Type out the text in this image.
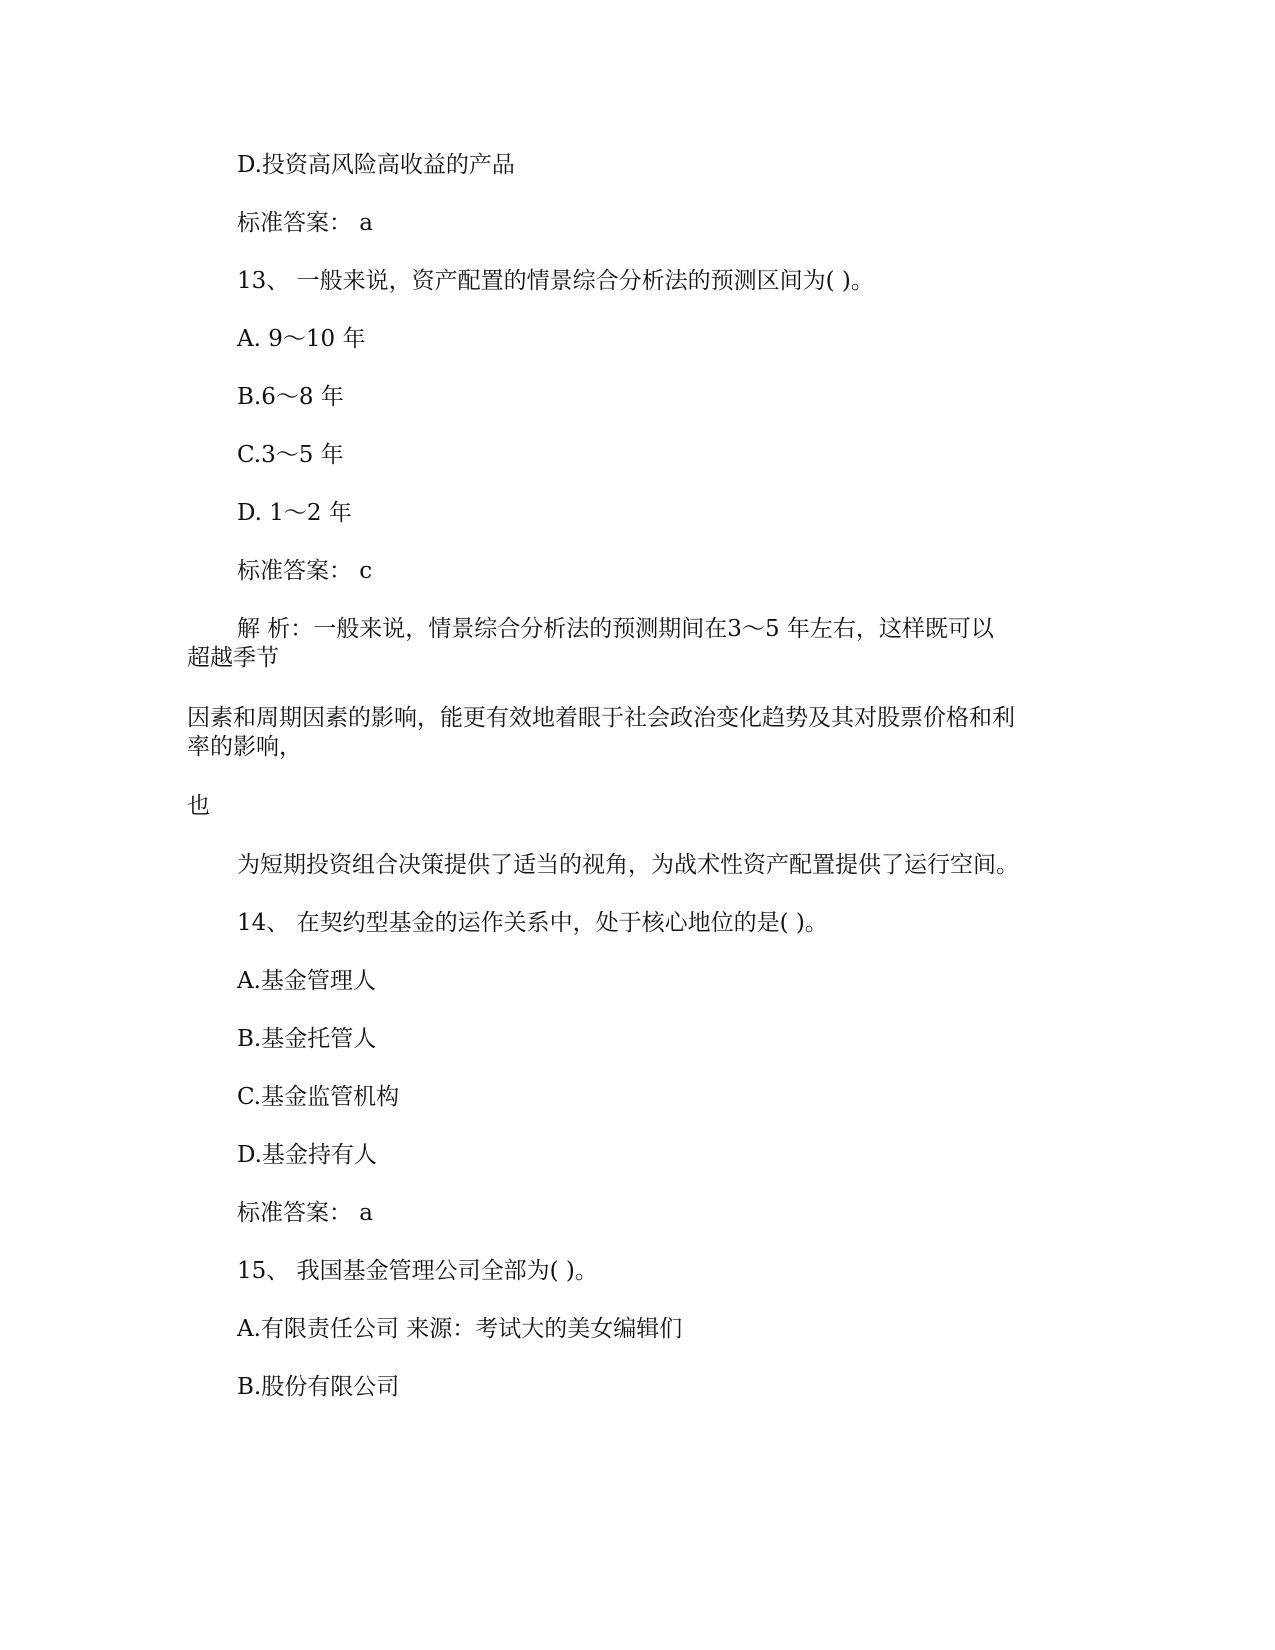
D.投资高风险高收益的产品

标准答案： a

13、 一般来说，资产配置的情景综合分析法的预测区间为( )。

A. 9～10 年

B.6～8 年

C.3～5 年

D. 1～2 年

标准答案： c

解 析：一般来说，情景综合分析法的预测期间在3～5 年左右，这样既可以

超越季节

因素和周期因素的影响，能更有效地着眼于社会政治变化趋势及其对股票价格和利

率的影响，

也

为短期投资组合决策提供了适当的视角，为战术性资产配置提供了运行空间。

14、 在契约型基金的运作关系中，处于核心地位的是( )。

A.基金管理人

B.基金托管人

C.基金监管机构

D.基金持有人

标准答案： a

15、 我国基金管理公司全部为( )。

A.有限责任公司 来源：考试大的美女编辑们

B.股份有限公司
